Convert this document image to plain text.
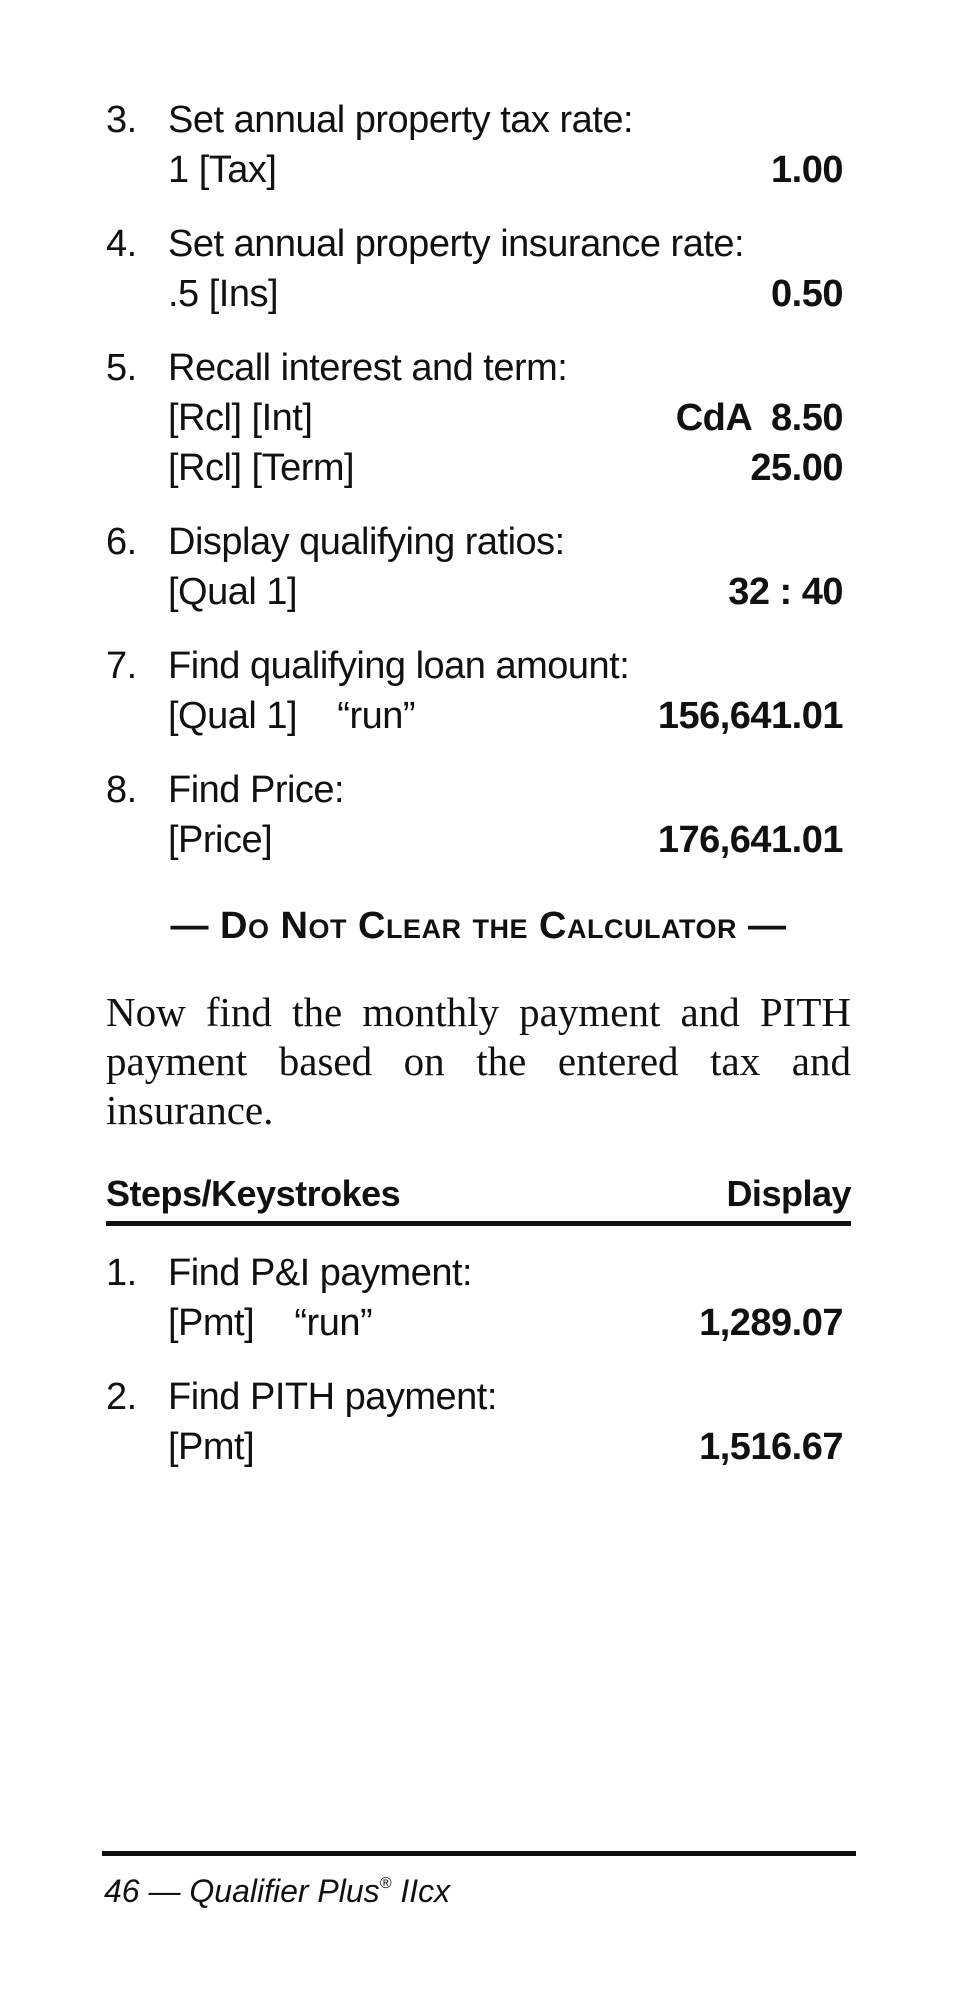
3. Set annual property tax rate:
1 [Tax]	1.00
4. Set annual property insurance rate:
.5 [Ins]	0.50
5. Recall interest and term:
[Rcl] [Int]	CdA  8.50
[Rcl] [Term]	25.00
6. Display qualifying ratios:
[Qual 1]	32 : 40
7. Find qualifying loan amount:
[Qual 1]    “run”	156,641.01
8. Find Price:
[Price]	176,641.01
— Do Not Clear the Calculator —

Now find the monthly payment and PITH payment based on the entered tax and insurance.

Steps/Keystrokes	Display
1. Find P&I payment:
[Pmt]    “run”	1,289.07
2. Find PITH payment:
[Pmt]	1,516.67
46 — Qualifier Plus® IIcx
